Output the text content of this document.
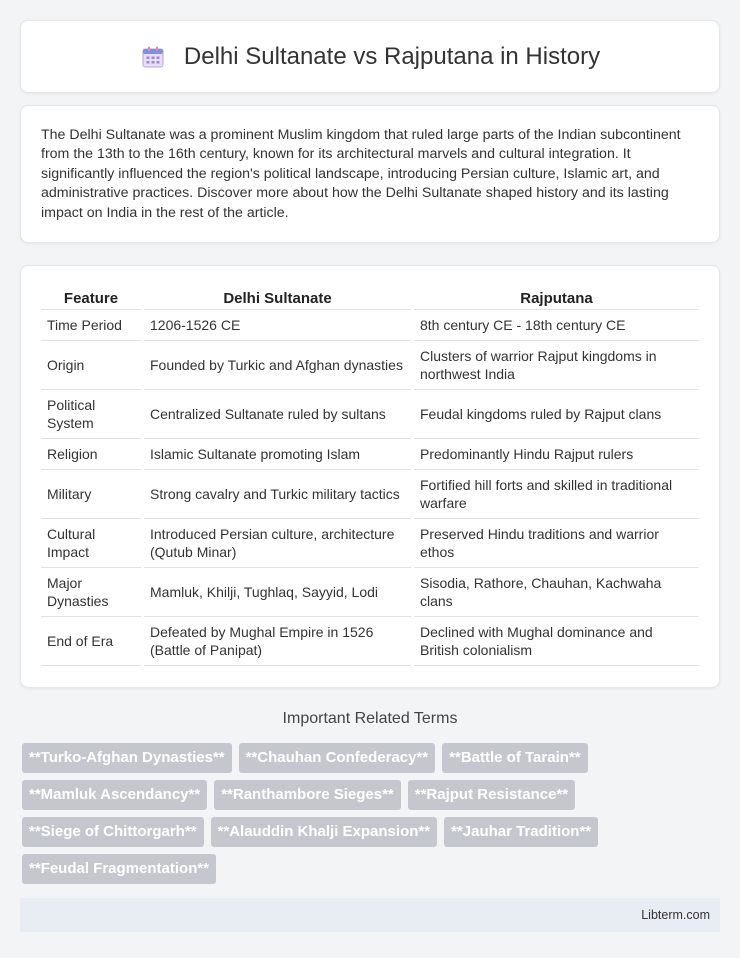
Delhi Sultanate vs Rajputana in History

The Delhi Sultanate was a prominent Muslim kingdom that ruled large parts of the Indian subcontinent from the 13th to the 16th century, known for its architectural marvels and cultural integration. It significantly influenced the region's political landscape, introducing Persian culture, Islamic art, and administrative practices. Discover more about how the Delhi Sultanate shaped history and its lasting impact on India in the rest of the article.

Feature	Delhi Sultanate	Rajputana
Time Period	1206-1526 CE	8th century CE - 18th century CE
Origin	Founded by Turkic and Afghan dynasties	Clusters of warrior Rajput kingdoms in northwest India
Political System	Centralized Sultanate ruled by sultans	Feudal kingdoms ruled by Rajput clans
Religion	Islamic Sultanate promoting Islam	Predominantly Hindu Rajput rulers
Military	Strong cavalry and Turkic military tactics	Fortified hill forts and skilled in traditional warfare
Cultural Impact	Introduced Persian culture, architecture (Qutub Minar)	Preserved Hindu traditions and warrior ethos
Major Dynasties	Mamluk, Khilji, Tughlaq, Sayyid, Lodi	Sisodia, Rathore, Chauhan, Kachwaha clans
End of Era	Defeated by Mughal Empire in 1526 (Battle of Panipat)	Declined with Mughal dominance and British colonialism
Important Related Terms
**Turko-Afghan Dynasties**	**Chauhan Confederacy**	**Battle of Tarain**
**Mamluk Ascendancy**	**Ranthambore Sieges**	**Rajput Resistance**
**Siege of Chittorgarh**	**Alauddin Khalji Expansion**	**Jauhar Tradition**
**Feudal Fragmentation**
Libterm.com
